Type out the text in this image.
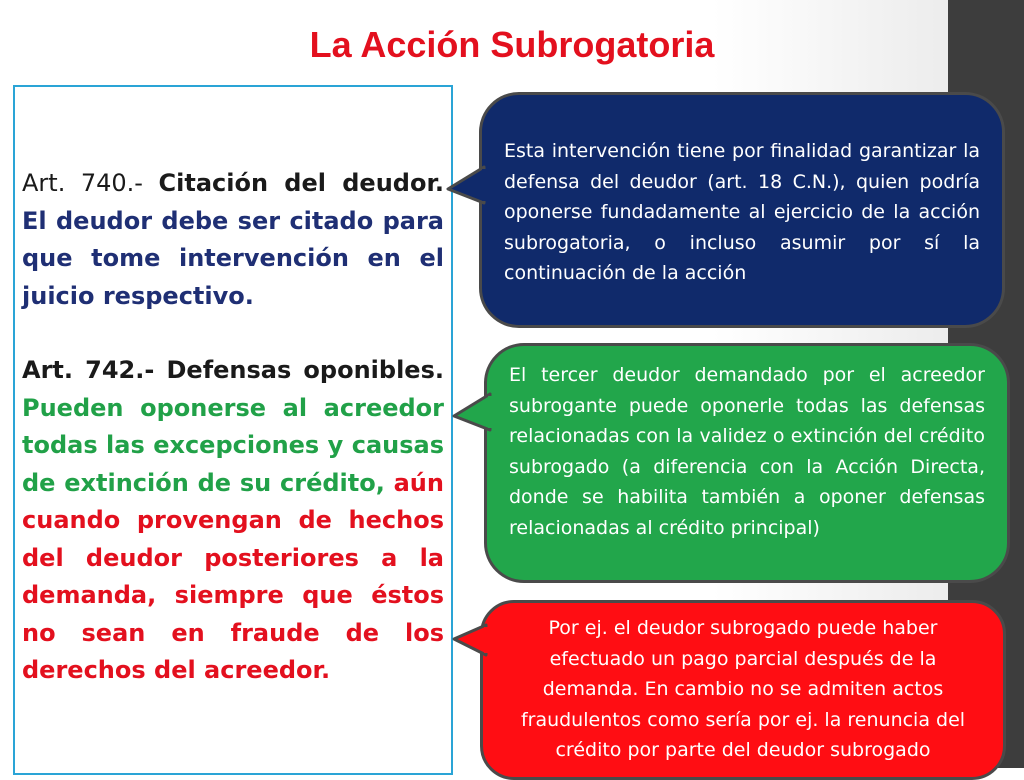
La Acción Subrogatoria

Art. 740.- Citación del deudor. El deudor debe ser citado para que tome intervención en el juicio respectivo.

Art. 742.- Defensas oponibles. Pueden oponerse al acreedor todas las excepciones y causas de extinción de su crédito, aún cuando provengan de hechos del deudor posteriores a la demanda, siempre que éstos no sean en fraude de los derechos del acreedor.

Esta intervención tiene por finalidad garantizar la defensa del deudor (art. 18 C.N.), quien podría oponerse fundadamente al ejercicio de la acción subrogatoria, o incluso asumir por sí la continuación de la acción
El tercer deudor demandado por el acreedor subrogante puede oponerle todas las defensas relacionadas con la validez o extinción del crédito subrogado (a diferencia con la Acción Directa, donde se habilita también a oponer defensas relacionadas al crédito principal)
Por ej. el deudor subrogado puede haber efectuado un pago parcial después de la demanda. En cambio no se admiten actos fraudulentos como sería por ej. la renuncia del crédito por parte del deudor subrogado
